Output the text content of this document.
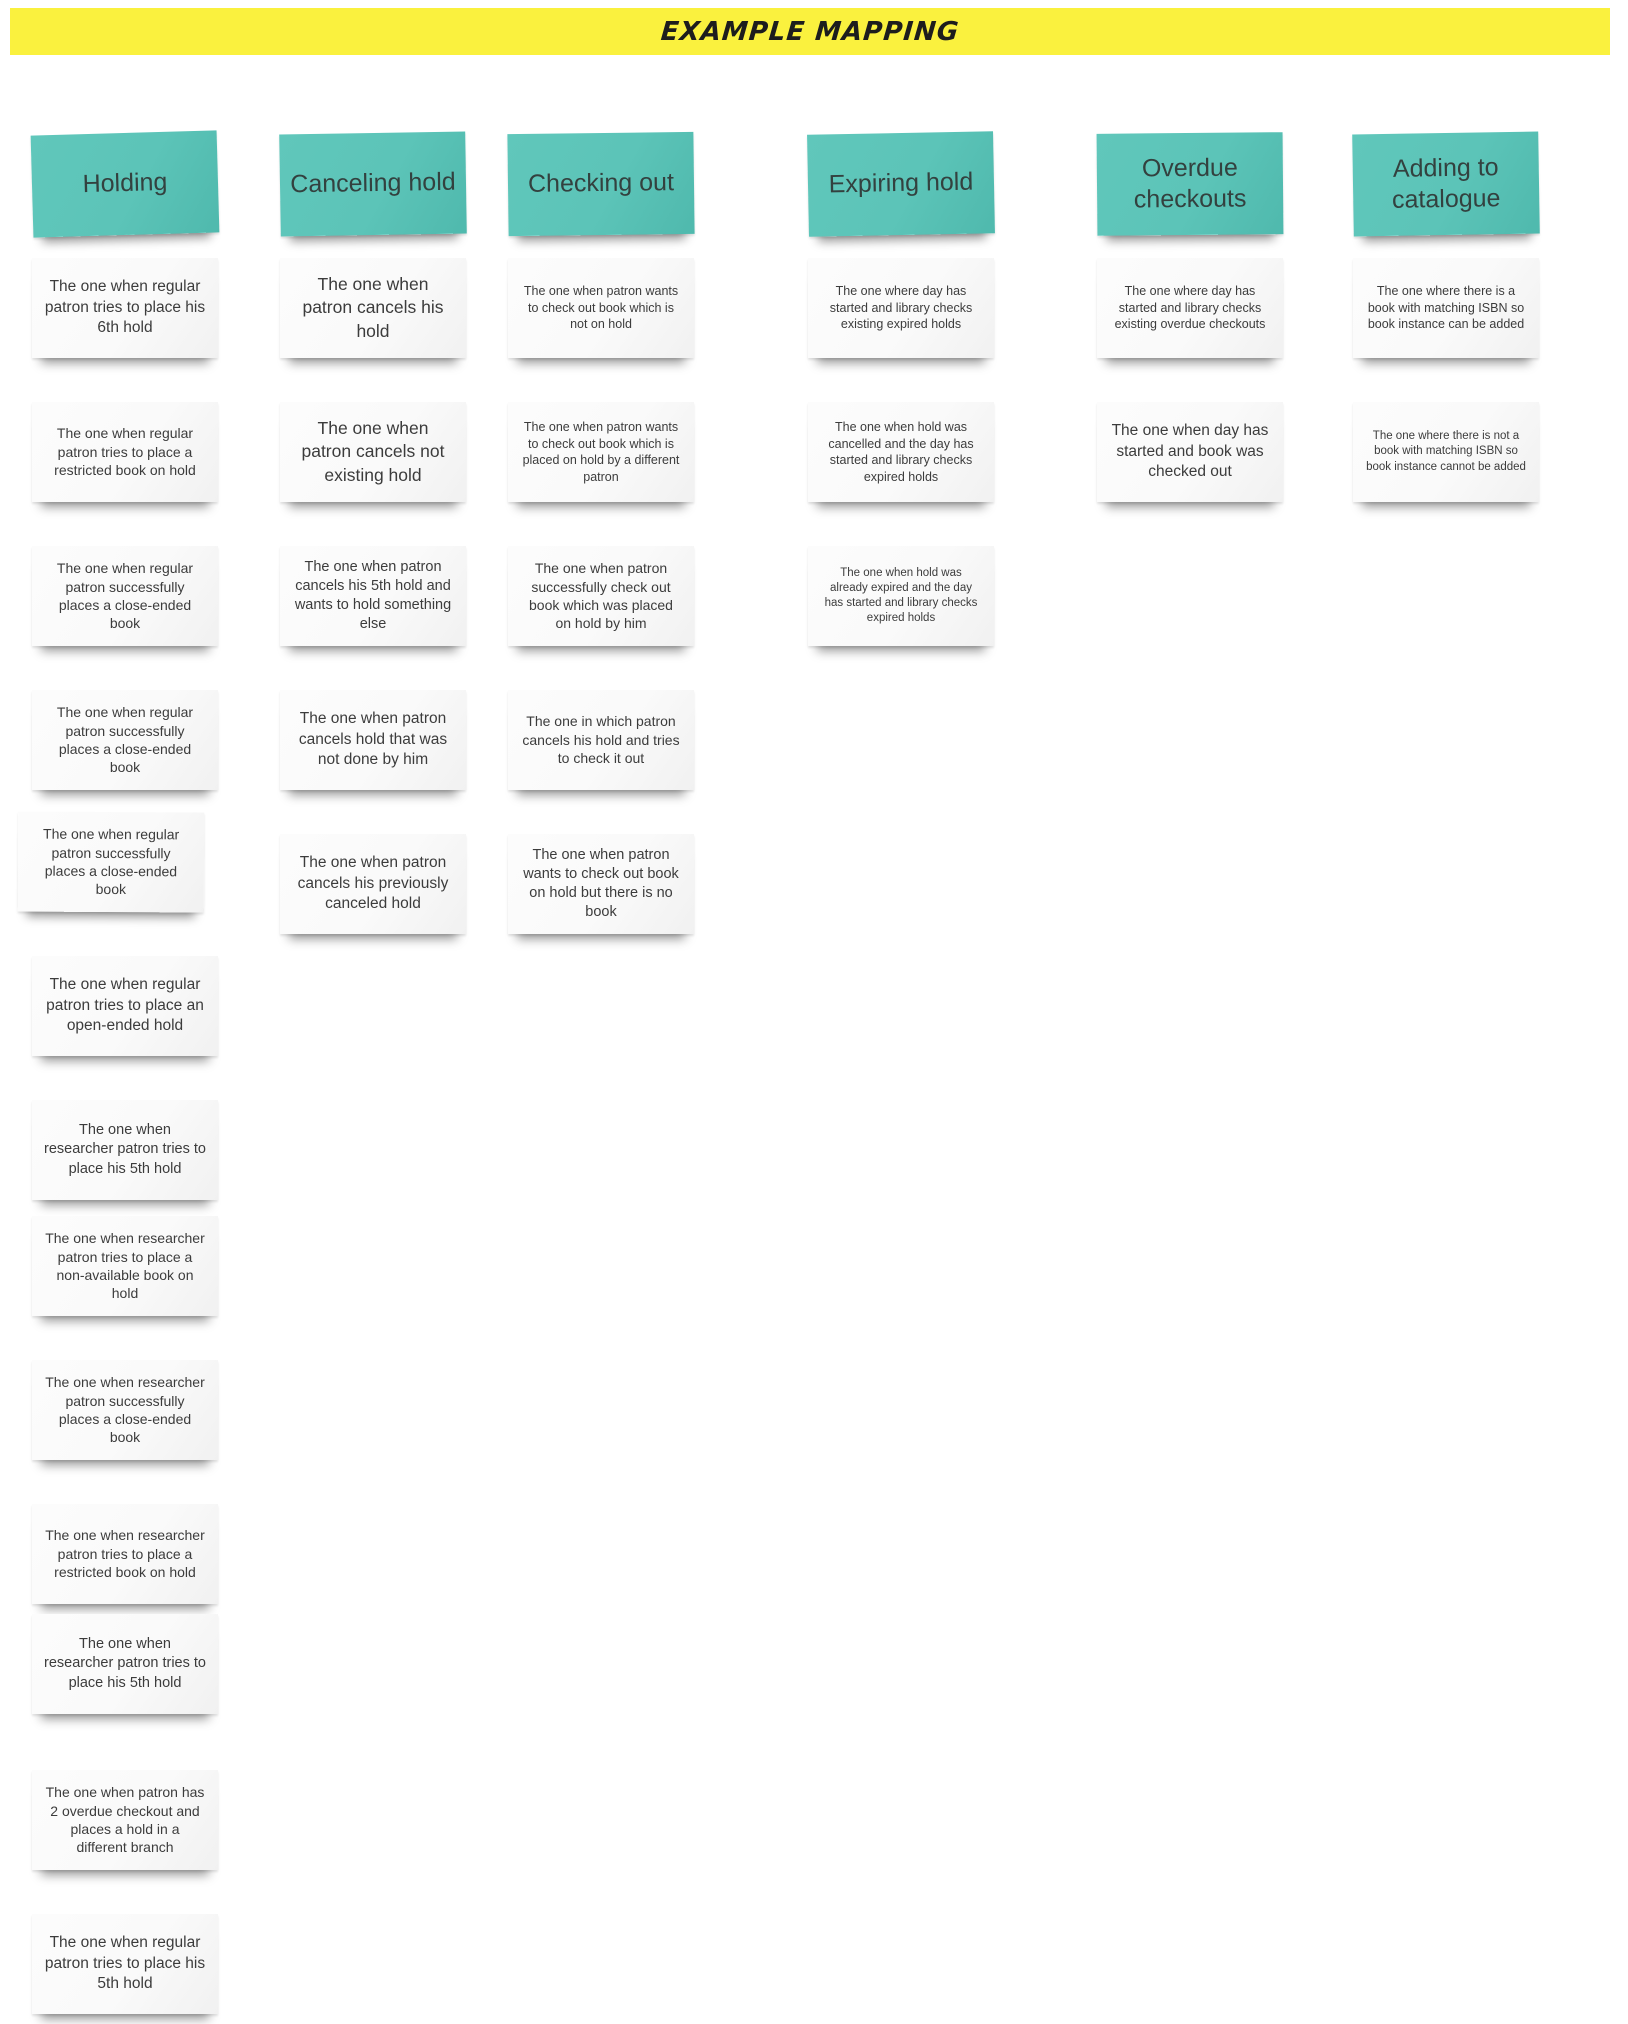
EXAMPLE MAPPING
Holding
The one when regular patron tries to place his 6th hold
The one when regular patron tries to place a restricted book on hold
The one when regular patron successfully places a close-ended book
The one when regular patron successfully places a close-ended book
The one when regular patron successfully places a close-ended book
The one when regular patron tries to place an open-ended hold
The one when researcher patron tries to place his 5th hold
The one when researcher patron tries to place a non-available book on hold
The one when researcher patron successfully places a close-ended book
The one when researcher patron tries to place a restricted book on hold
The one when researcher patron tries to place his 5th hold
The one when patron has 2 overdue checkout and places a hold in a different branch
The one when regular patron tries to place his 5th hold
Canceling hold
The one when patron cancels his hold
The one when patron cancels not existing hold
The one when patron cancels his 5th hold and wants to hold something else
The one when patron cancels hold that was not done by him
The one when patron cancels his previously canceled hold
Checking out
The one when patron wants to check out book which is not on hold
The one when patron wants to check out book which is placed on hold by a different patron
The one when patron successfully check out book which was placed on hold by him
The one in which patron cancels his hold and tries to check it out
The one when patron wants to check out book on hold but there is no book
Expiring hold
The one where day has started and library checks existing expired holds
The one when hold was cancelled and the day has started and library checks expired holds
The one when hold was already expired and the day has started and library checks expired holds
Overdue checkouts
The one where day has started and library checks existing overdue checkouts
The one when day has started and book was checked out
Adding to catalogue
The one where there is a book with matching ISBN so book instance can be added
The one where there is not a book with matching ISBN so book instance cannot be added
